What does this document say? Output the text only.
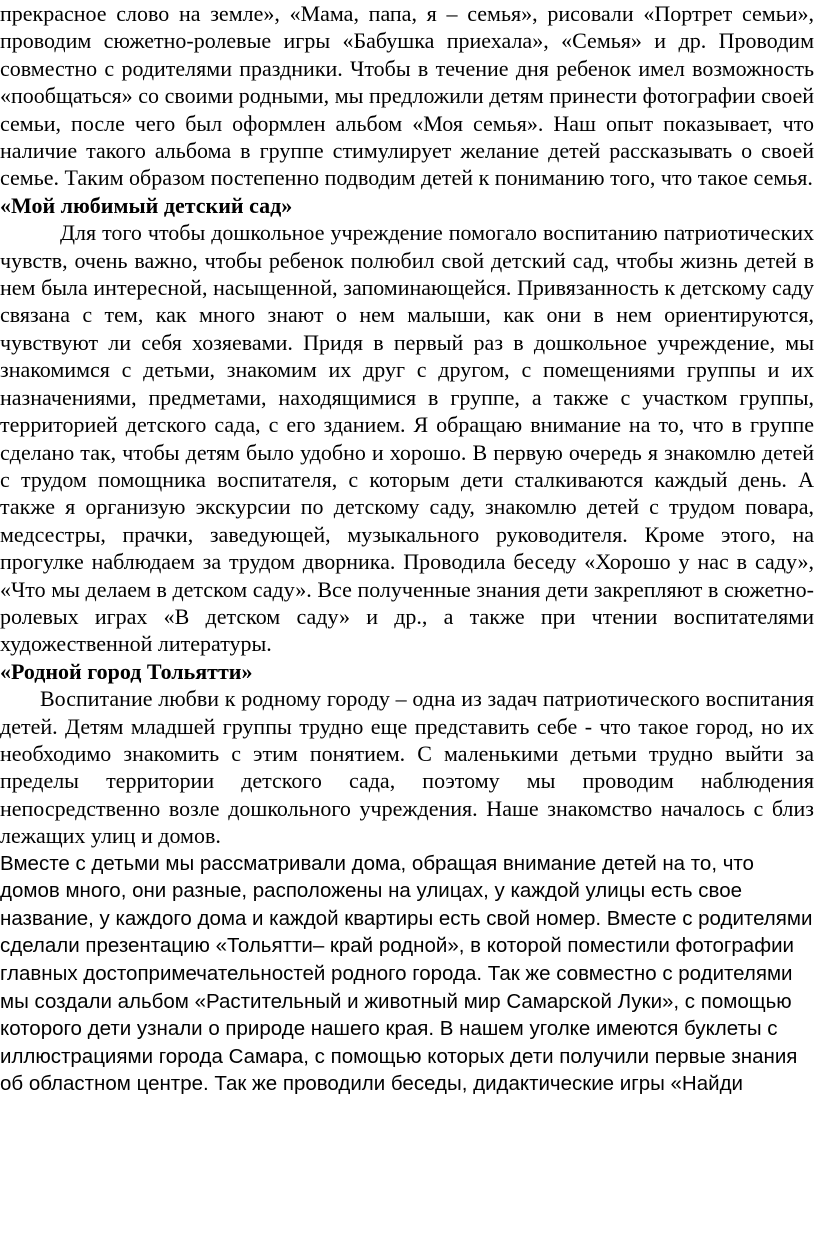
прекрасное слово на земле», «Мама, папа, я – семья», рисовали «Портрет семьи», проводим сюжетно-ролевые игры «Бабушка приехала», «Семья» и др. Проводим совместно с родителями праздники. Чтобы в течение дня ребенок имел возможность «пообщаться» со своими родными, мы предложили детям принести фотографии своей семьи, после чего был оформлен альбом «Моя семья». Наш опыт показывает, что наличие такого альбома в группе стимулирует желание детей рассказывать о своей семье. Таким образом постепенно подводим детей к пониманию того, что такое семья.

«Мой любимый детский сад»

Для того чтобы дошкольное учреждение помогало воспитанию патриотических чувств, очень важно, чтобы ребенок полюбил свой детский сад, чтобы жизнь детей в нем была интересной, насыщенной, запоминающейся. Привязанность к детскому саду связана с тем, как много знают о нем малыши, как они в нем ориентируются, чувствуют ли себя хозяевами. Придя в первый раз в дошкольное учреждение, мы знакомимся с детьми, знакомим их друг с другом, с помещениями группы и их назначениями, предметами, находящимися в группе, а также с участком группы, территорией детского сада, с его зданием. Я обращаю внимание на то, что в группе сделано так, чтобы детям было удобно и хорошо. В первую очередь я знакомлю детей с трудом помощника воспитателя, с которым дети сталкиваются каждый день. А также я организую экскурсии по детскому саду, знакомлю детей с трудом повара, медсестры, прачки, заведующей, музыкального руководителя. Кроме этого, на прогулке наблюдаем за трудом дворника. Проводила беседу «Хорошо у нас в саду», «Что мы делаем в детском саду». Все полученные знания дети закрепляют в сюжетно-ролевых играх «В детском саду» и др., а также при чтении воспитателями художественной литературы.

«Родной город Тольятти»

Воспитание любви к родному городу – одна из задач патриотического воспитания детей. Детям младшей группы трудно еще представить себе - что такое город, но их необходимо знакомить с этим понятием. С маленькими детьми трудно выйти за пределы территории детского сада, поэтому мы проводим наблюдения непосредственно возле дошкольного учреждения. Наше знакомство началось с близ лежащих улиц и домов.

Вместе с детьми мы рассматривали дома, обращая внимание детей на то, что домов много, они разные, расположены на улицах, у каждой улицы есть свое название, у каждого дома и каждой квартиры есть свой номер. Вместе с родителями сделали презентацию «Тольятти– край родной», в которой поместили фотографии главных достопримечательностей родного города. Так же совместно с родителями мы создали альбом «Растительный и животный мир Самарской Луки», с помощью которого дети узнали о природе нашего края. В нашем уголке имеются буклеты с иллюстрациями города Самара, с помощью которых дети получили первые знания об областном центре. Так же проводили беседы, дидактические игры «Найди
